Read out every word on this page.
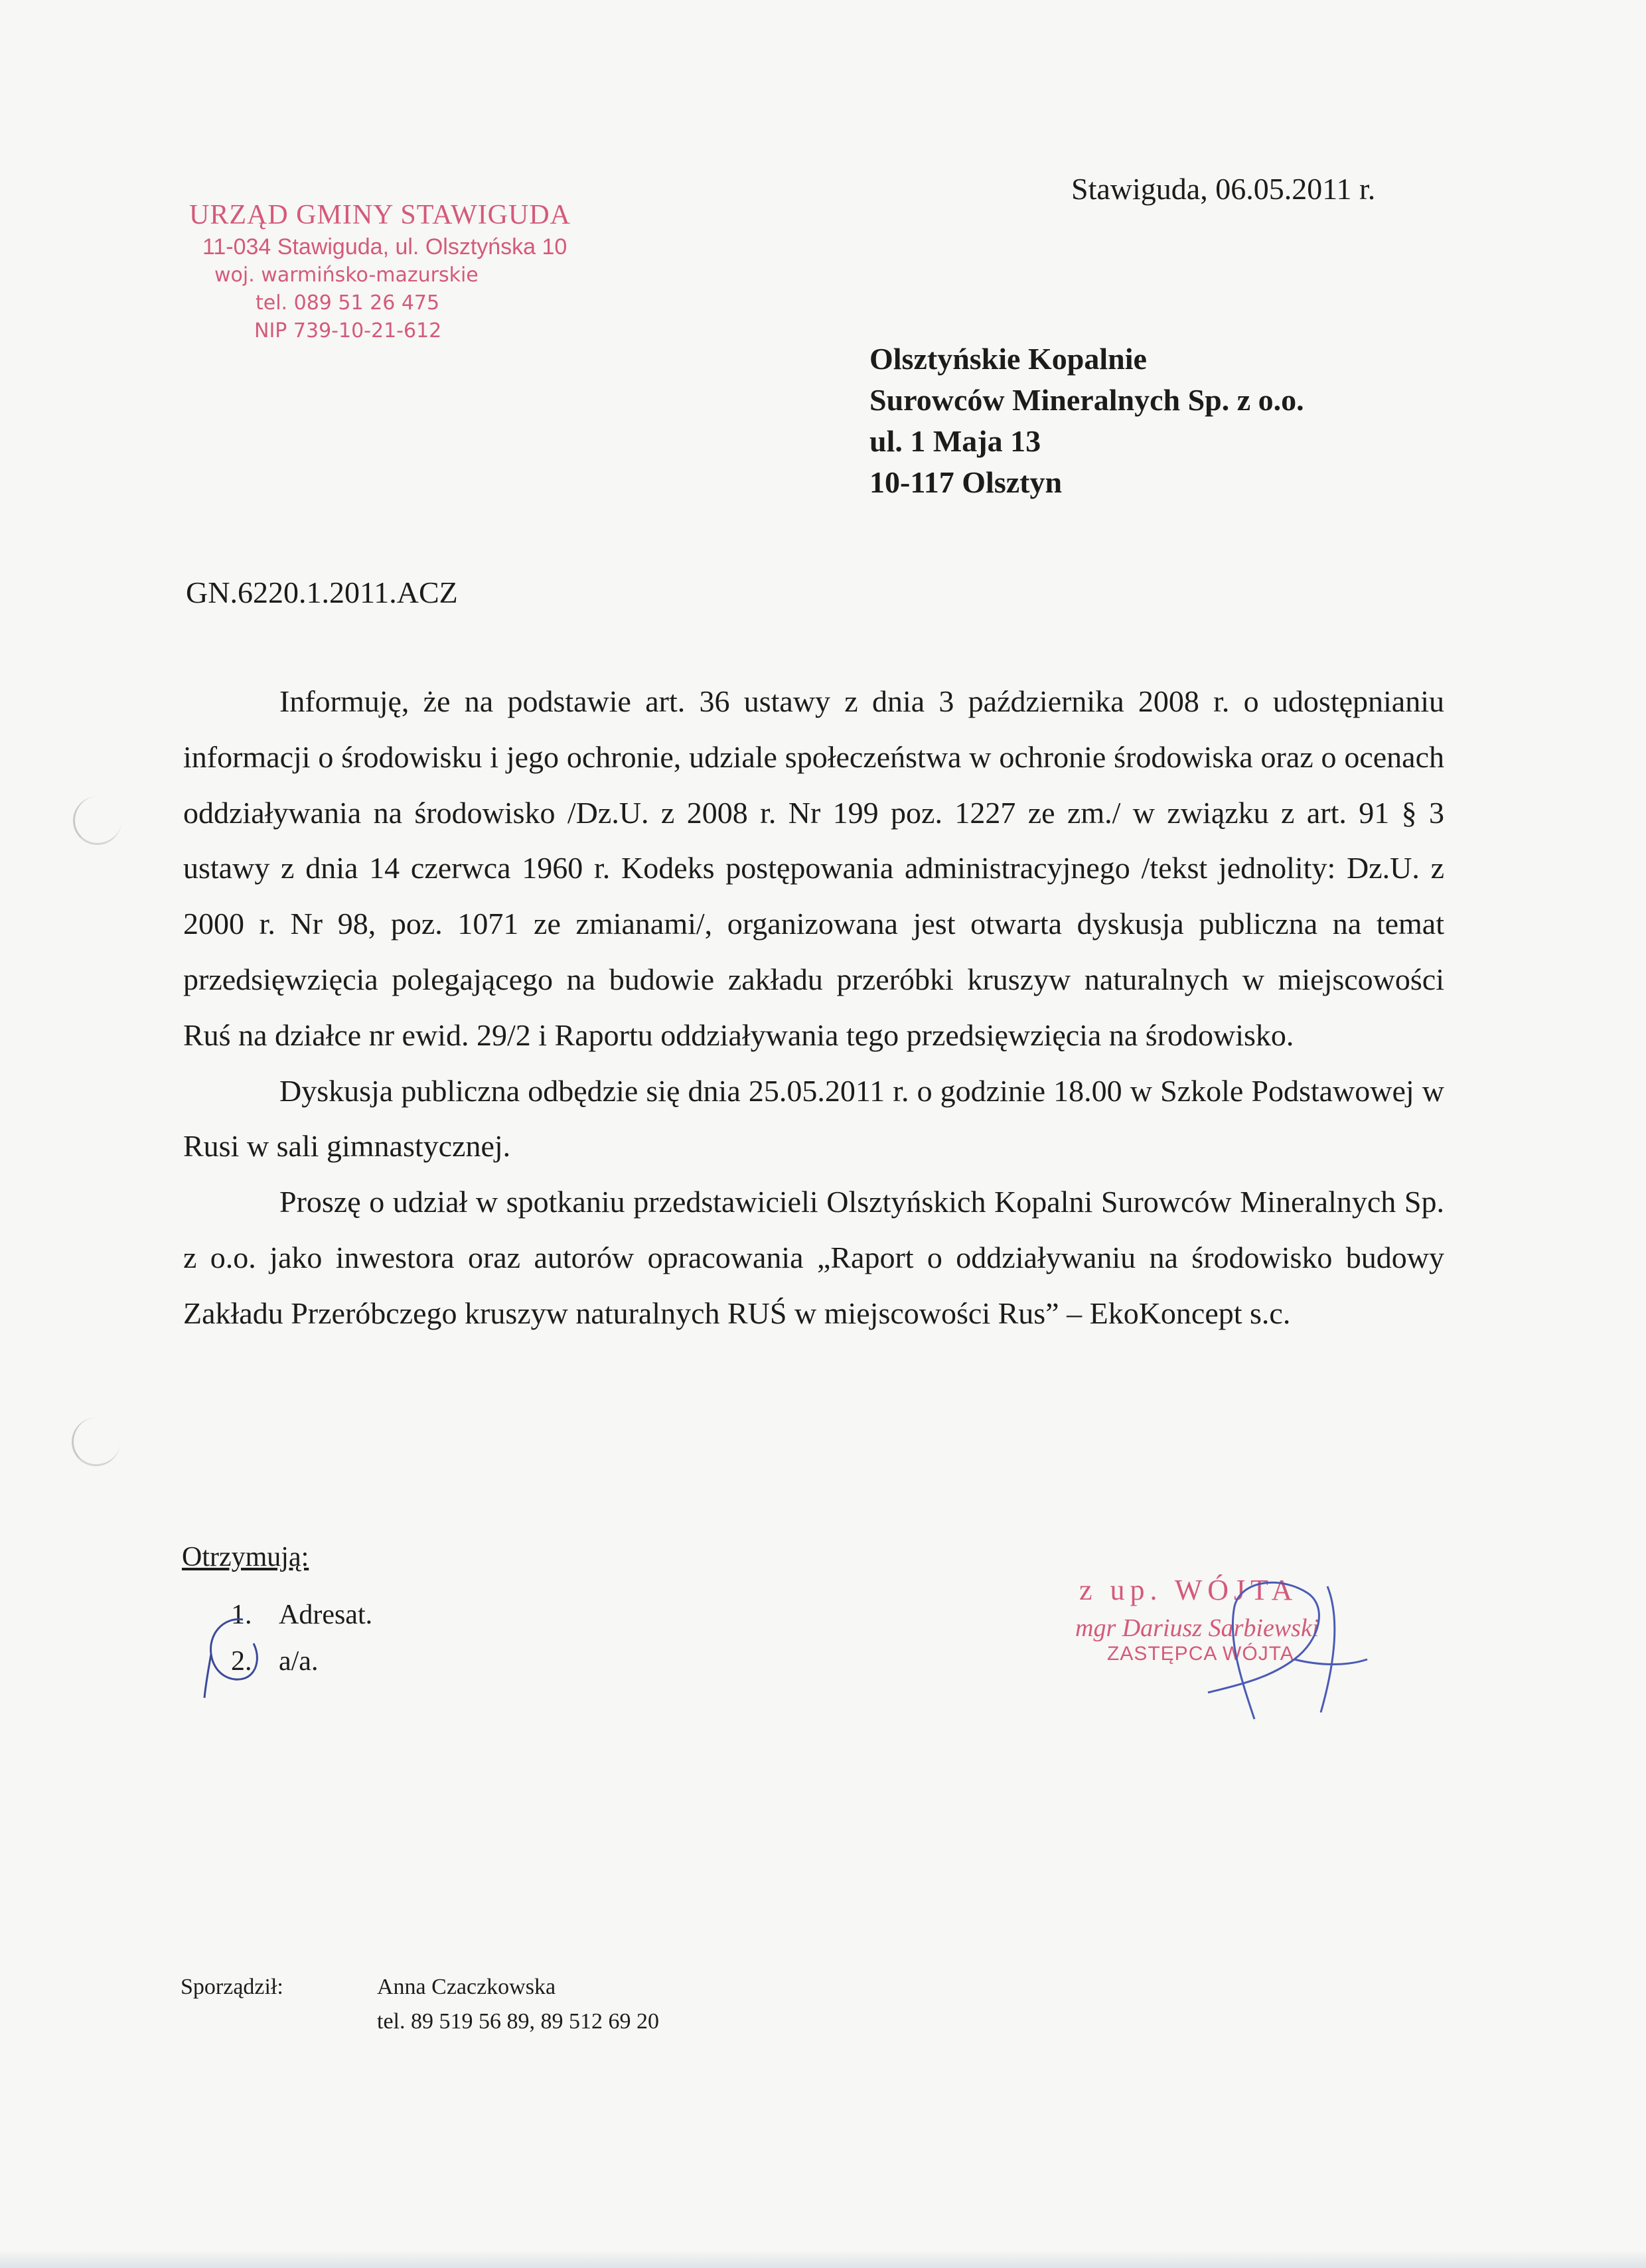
URZĄD GMINY STAWIGUDA
11-034 Stawiguda, ul. Olsztyńska 10
woj. warmińsko-mazurskie
tel. 089 51 26 475
NIP 739-10-21-612
Stawiguda, 06.05.2011 r.
Olsztyńskie Kopalnie
Surowców Mineralnych Sp. z o.o.
ul. 1 Maja 13
10-117 Olsztyn
GN.6220.1.2011.ACZ

Informuję, że na podstawie art. 36 ustawy z dnia 3 października 2008 r. o udostępnianiu informacji o środowisku i jego ochronie, udziale społeczeństwa w ochronie środowiska oraz o ocenach oddziaływania na środowisko /Dz.U. z 2008 r. Nr 199 poz. 1227 ze zm./ w związku z art. 91 § 3 ustawy z dnia 14 czerwca 1960 r. Kodeks postępowania administracyjnego /tekst jednolity: Dz.U. z 2000 r. Nr 98, poz. 1071 ze zmianami/, organizowana jest otwarta dyskusja publiczna na temat przedsięwzięcia polegającego na budowie zakładu przeróbki kruszyw naturalnych w miejscowości Ruś na działce nr ewid. 29/2 i Raportu oddziaływania tego przedsięwzięcia na środowisko.

Dyskusja publiczna odbędzie się dnia 25.05.2011 r. o godzinie 18.00 w Szkole Podstawowej w Rusi w sali gimnastycznej.

Proszę o udział w spotkaniu przedstawicieli Olsztyńskich Kopalni Surowców Mineralnych Sp. z o.o. jako inwestora oraz autorów opracowania „Raport o oddziaływaniu na środowisko budowy Zakładu Przeróbczego kruszyw naturalnych RUŚ w miejscowości Rus” – EkoKoncept s.c.

Otrzymują:
1. Adresat.
2. a/a.
z up. WÓJTA
mgr Dariusz Sarbiewski
ZASTĘPCA WÓJTA
Sporządził:	Anna Czaczkowska
tel. 89 519 56 89, 89 512 69 20
